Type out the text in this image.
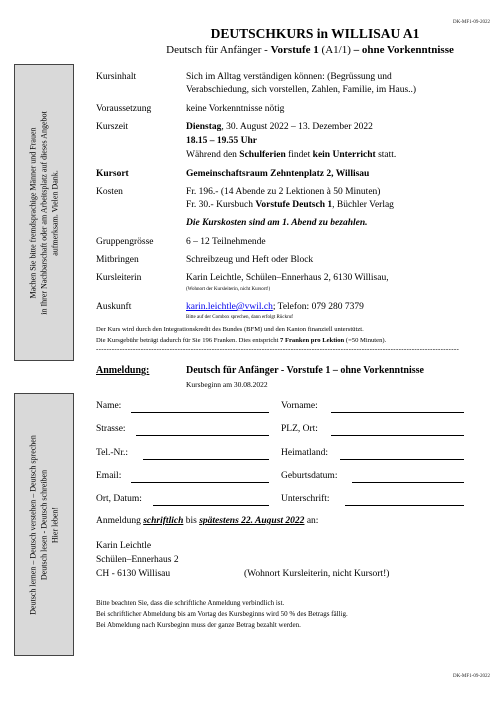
DK-MF1-09-2022
DEUTSCHKURS in WILLISAU A1
Deutsch für Anfänger - Vorstufe 1 (A1/1) – ohne Vorkenntnisse
Machen Sie bitte fremdsprachige Männer und Frauen in Ihrer Nachbarschaft oder am Arbeitsplatz auf dieses Angebot aufmerksam. Vielen Dank.
Deutsch lernen – Deutsch verstehen – Deutsch sprechen Deutsch lesen - Deutsch schreiben Hier leben!
Kursinhalt	Sich im Alltag verständigen können: (Begrüssung und
Verabschiedung, sich vorstellen, Zahlen, Familie, im Haus..)
Voraussetzung	keine Vorkenntnisse nötig
Kurszeit	Dienstag, 30. August 2022 – 13. Dezember 2022
18.15 – 19.55 Uhr
Während den Schulferien findet kein Unterricht statt.
Kursort	Gemeinschaftsraum Zehntenplatz 2, Willisau
Kosten	Fr. 196.- (14 Abende zu 2 Lektionen à 50 Minuten)
Fr. 30.- Kursbuch Vorstufe Deutsch 1, Büchler Verlag
Die Kurskosten sind am 1. Abend zu bezahlen.
Gruppengrösse	6 – 12 Teilnehmende
Mitbringen	Schreibzeug und Heft oder Block
Kursleiterin	Karin Leichtle, Schülen–Ennerhaus 2, 6130 Willisau,
(Wohnort der Kursleiterin, nicht Kursort!)
Auskunft	karin.leichtle@vwil.ch; Telefon: 079 280 7379
Bitte auf der Combox sprechen, dann erfolgt Rückruf
Der Kurs wird durch den Integrationskredit des Bundes (BFM) und den Kanton finanziell unterstützt.
Die Kursgebühr beträgt dadurch für Sie 196 Franken. Dies entspricht 7 Franken pro Lektion (=50 Minuten).
------------------------------------------------------------------------------------------------------------------------------------------
Anmeldung:	Deutsch für Anfänger - Vorstufe 1 – ohne Vorkenntnisse
Kursbeginn am 30.08.2022
Name:	Vorname:
Strasse:	PLZ, Ort:
Tel.-Nr.:	Heimatland:
Email:	Geburtsdatum:
Ort, Datum:	Unterschrift:
Anmeldung schriftlich bis spätestens 22. August 2022 an:
Karin Leichtle
Schülen–Ennerhaus 2
CH - 6130 Willisau	(Wohnort Kursleiterin, nicht Kursort!)
Bitte beachten Sie, dass die schriftliche Anmeldung verbindlich ist.
Bei schriftlicher Abmeldung bis am Vortag des Kursbeginns wird 50 % des Betrags fällig.
Bei Abmeldung nach Kursbeginn muss der ganze Betrag bezahlt werden.
DK-MF1-09-2022
